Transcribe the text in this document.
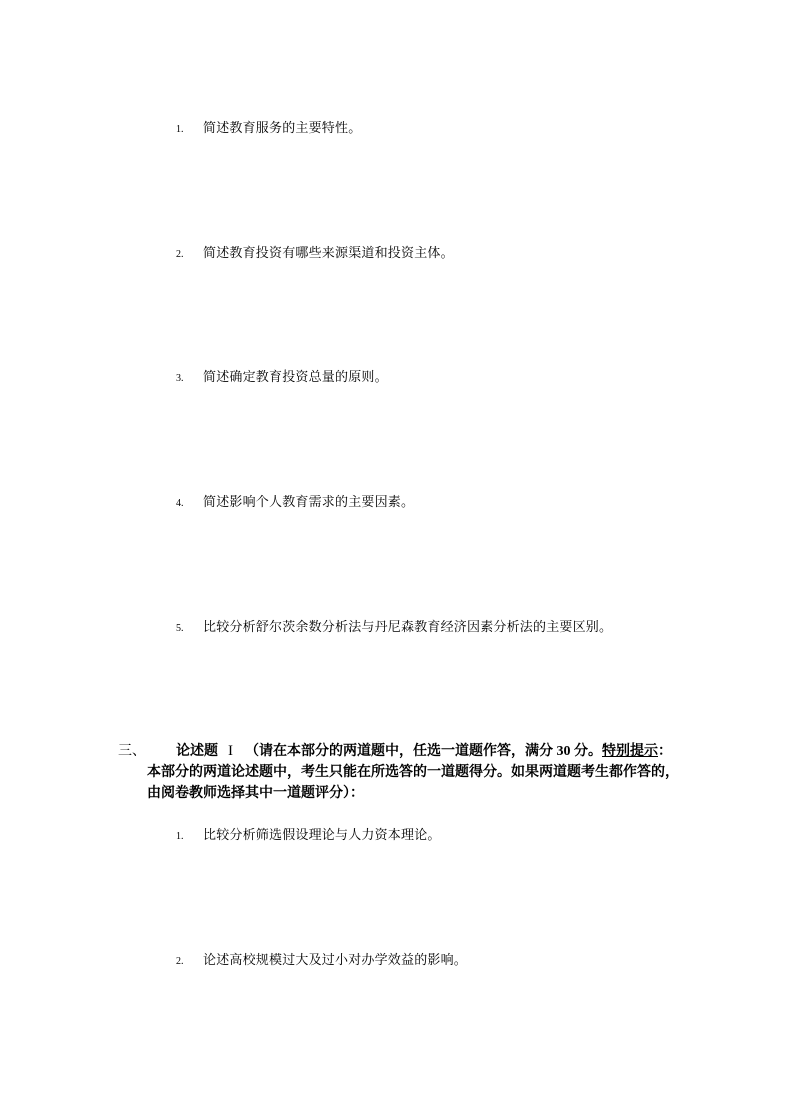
1. 简述教育服务的主要特性。
2. 简述教育投资有哪些来源渠道和投资主体。
3. 简述确定教育投资总量的原则。
4. 简述影响个人教育需求的主要因素。
5. 比较分析舒尔茨余数分析法与丹尼森教育经济因素分析法的主要区别。
三、 论述题 I （请在本部分的两道题中，任选一道题作答，满分 30 分。特别提示：
本部分的两道论述题中，考生只能在所选答的一道题得分。如果两道题考生都作答的，
由阅卷教师选择其中一道题评分）：
1. 比较分析筛选假设理论与人力资本理论。
2. 论述高校规模过大及过小对办学效益的影响。
